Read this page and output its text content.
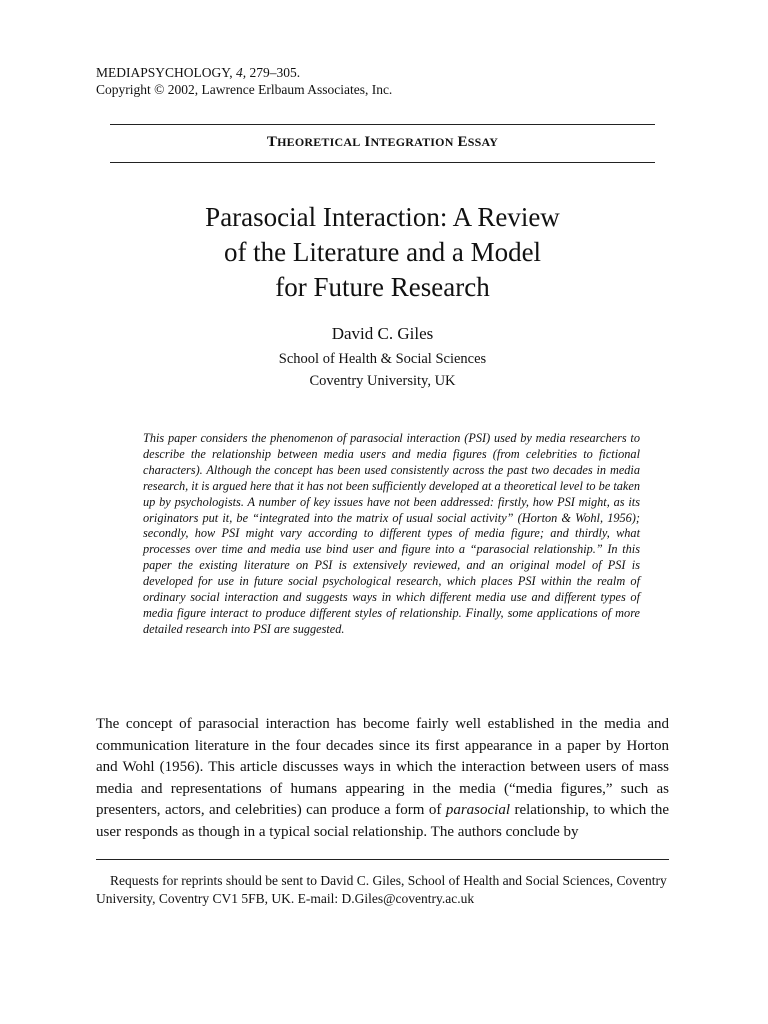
MEDIAPSYCHOLOGY, 4, 279–305.
Copyright © 2002, Lawrence Erlbaum Associates, Inc.
THEORETICAL INTEGRATION ESSAY
Parasocial Interaction: A Review
of the Literature and a Model
for Future Research
David C. Giles
School of Health & Social Sciences
Coventry University, UK

This paper considers the phenomenon of parasocial interaction (PSI) used by media researchers to describe the relationship between media users and media figures (from celebrities to fictional characters). Although the concept has been used consistently across the past two decades in media research, it is argued here that it has not been sufficiently developed at a theoretical level to be taken up by psychologists. A number of key issues have not been addressed: firstly, how PSI might, as its originators put it, be “integrated into the matrix of usual social activity” (Horton & Wohl, 1956); secondly, how PSI might vary according to different types of media figure; and thirdly, what processes over time and media use bind user and figure into a “parasocial relationship.” In this paper the existing literature on PSI is extensively reviewed, and an original model of PSI is developed for use in future social psychological research, which places PSI within the realm of ordinary social interaction and suggests ways in which different media use and different types of media figure interact to produce different styles of relationship. Finally, some applications of more detailed research into PSI are suggested.

The concept of parasocial interaction has become fairly well established in the media and communication literature in the four decades since its first appearance in a paper by Horton and Wohl (1956). This article discusses ways in which the interaction between users of mass media and representations of humans appearing in the media (“media figures,” such as presenters, actors, and celebrities) can produce a form of parasocial relationship, to which the user responds as though in a typical social relationship. The authors conclude by

Requests for reprints should be sent to David C. Giles, School of Health and Social Sciences, Coventry University, Coventry CV1 5FB, UK. E-mail: D.Giles@coventry.ac.uk
